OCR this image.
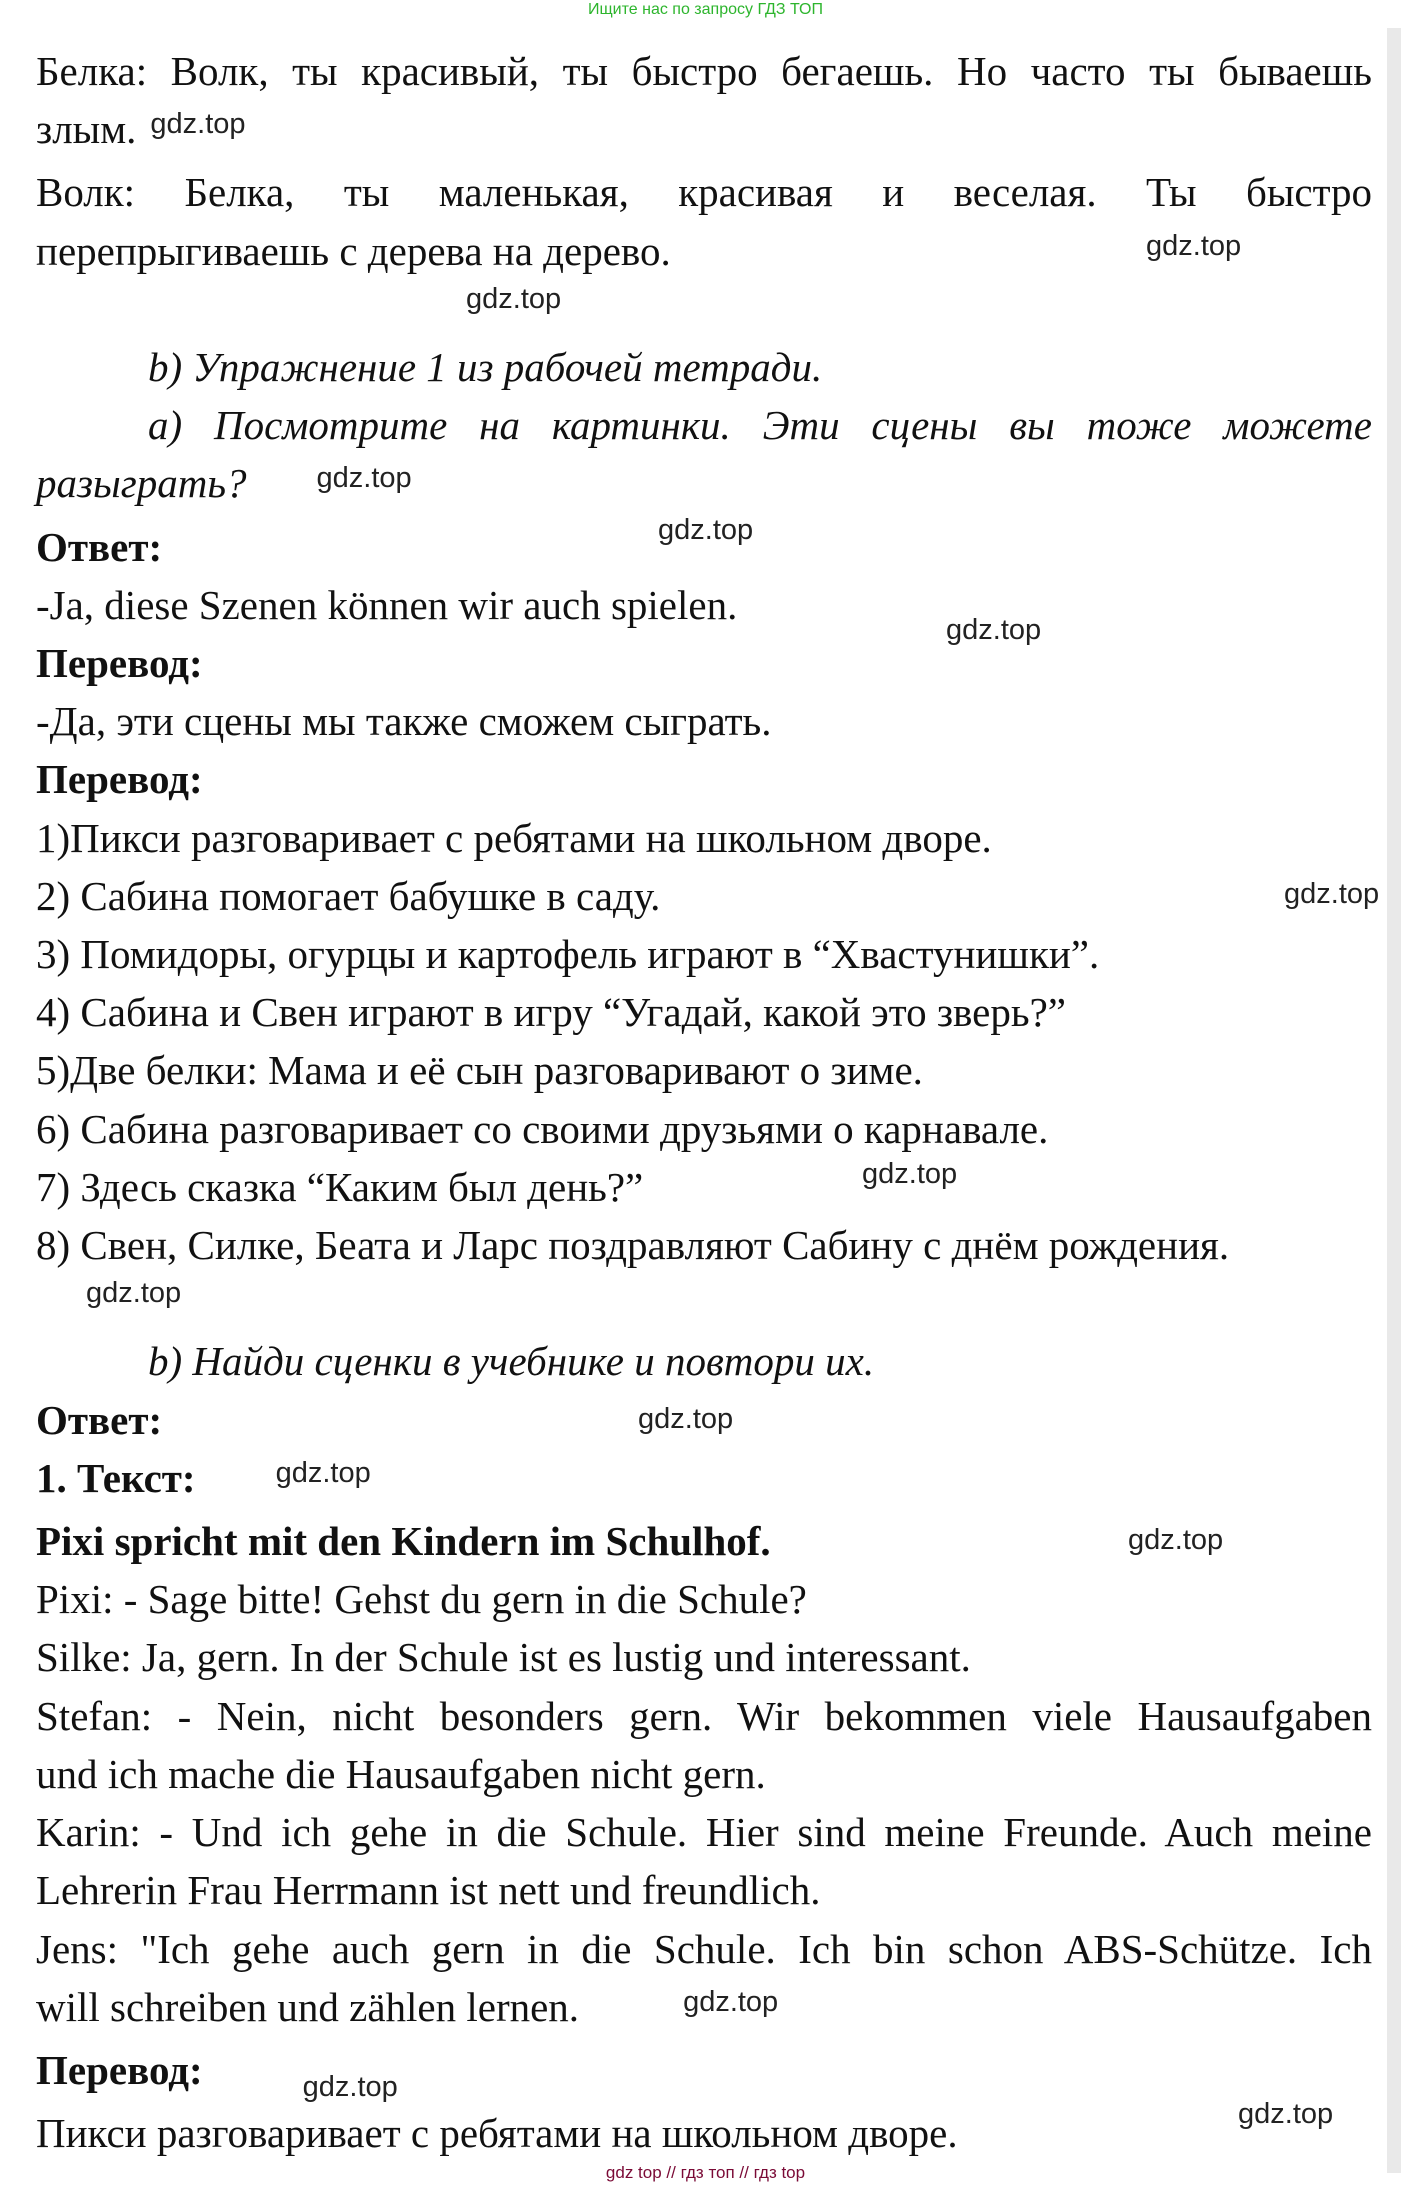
Ищите нас по запросу ГДЗ ТОП

Белка: Волк, ты красивый, ты быстро бегаешь. Но часто ты бываешь

злым. $^{gdz.top}$

Волк: Белка, ты маленькая, красивая и веселая. Ты быстро

перепрыгиваешь с дерева на дерево.

b) Упражнение 1 из рабочей тетради.

a) Посмотрите на картинки. Эти сцены вы тоже можете

разыграть? $^{gdz.top}$

Ответ:

-Ja, diese Szenen können wir auch spielen.

Перевод:

-Да, эти сцены мы также сможем сыграть.

Перевод:

1)Пикси разговаривает с ребятами на школьном дворе.

2) Сабина помогает бабушке в саду.

3) Помидоры, огурцы и картофель играют в “Хвастунишки”.

4) Сабина и Свен играют в игру “Угадай, какой это зверь?”

5)Две белки: Мама и её сын разговаривают о зиме.

6) Сабина разговаривает со своими друзьями о карнавале.

7) Здесь сказка “Каким был день?”

8) Свен, Силке, Беата и Ларс поздравляют Сабину с днём рождения.

b) Найди сценки в учебнике и повтори их.

Ответ:

1. Текст:	$^{gdz.top}$

Pixi spricht mit den Kindern im Schulhof.

Pixi: - Sage bitte! Gehst du gern in die Schule?

Silke: Ja, gern. In der Schule ist es lustig und interessant.

Stefan: - Nein, nicht besonders gern. Wir bekommen viele Hausaufgaben

und ich mache die Hausaufgaben nicht gern.

Karin: - Und ich gehe in die Schule. Hier sind meine Freunde. Auch meine

Lehrerin Frau Herrmann ist nett und freundlich.

Jens: "Ich gehe auch gern in die Schule. Ich bin schon ABS-Schütze. Ich

will schreiben und zählen lernen.	$^{gdz.top}$

Перевод:	$_{gdz.top}$

Пикси разговаривает с ребятами на школьном дворе.

gdz.top
gdz.top
gdz.top
gdz.top
gdz.top
gdz.top
gdz.top
gdz.top
gdz.top
gdz.top
gdz top // гдз топ // гдз top
